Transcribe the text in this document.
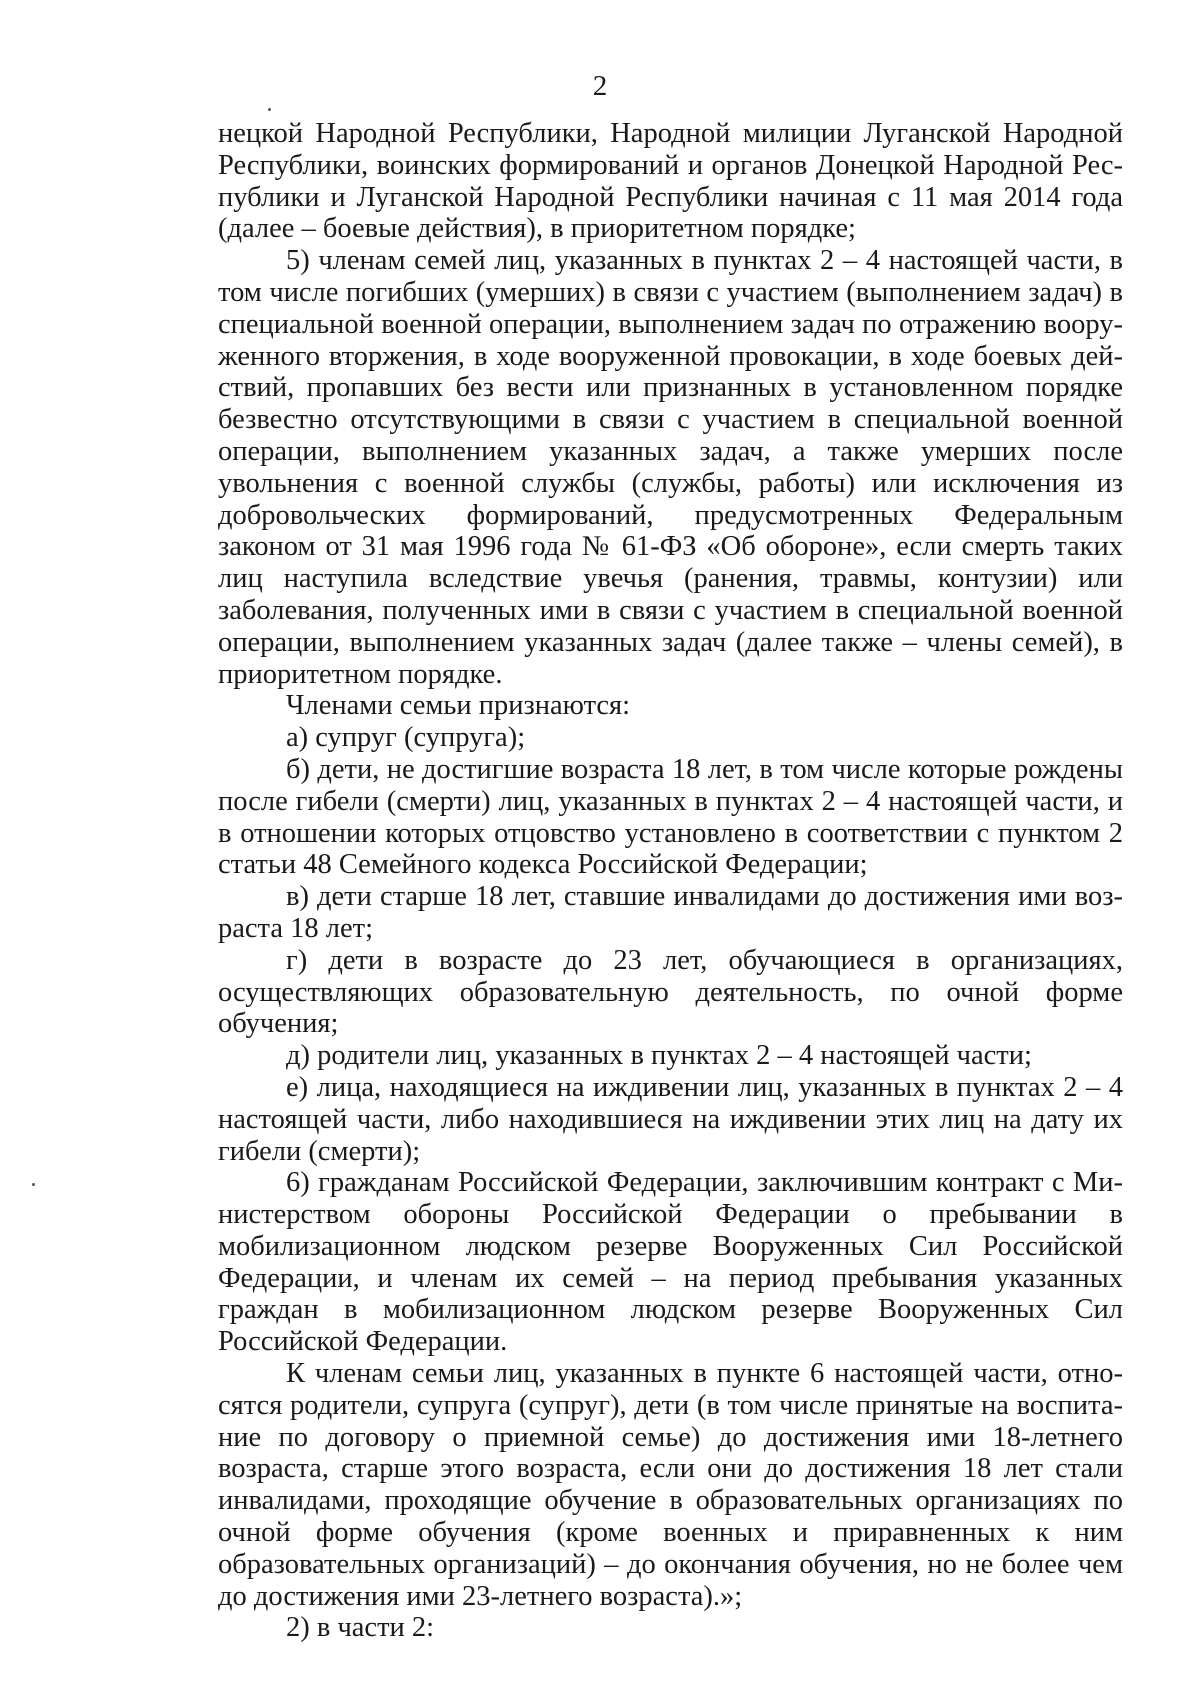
2

нецкой Народной Республики, Народной милиции Луганской Народной Республики, воинских формирований и органов Донецкой Народной Республики и Луганской Народной Республики начиная с 11 мая 2014 года (далее – боевые действия), в приоритетном порядке;

5) членам семей лиц, указанных в пунктах 2 – 4 настоящей части, в том числе погибших (умерших) в связи с участием (выполнением задач) в специальной военной операции, выполнением задач по отражению вооруженного вторжения, в ходе вооруженной провокации, в ходе боевых действий, пропавших без вести или признанных в установленном порядке безвестно отсутствующими в связи с участием в специальной военной операции, выполнением указанных задач, а также умерших после увольнения с военной службы (службы, работы) или исключения из добровольческих формирований, предусмотренных Федеральным законом от 31 мая 1996 года № 61-ФЗ «Об обороне», если смерть таких лиц наступила вследствие увечья (ранения, травмы, контузии) или заболевания, полученных ими в связи с участием в специальной военной операции, выполнением указанных задач (далее также – члены семей), в приоритетном порядке.

Членами семьи признаются:

а) супруг (супруга);

б) дети, не достигшие возраста 18 лет, в том числе которые рождены после гибели (смерти) лиц, указанных в пунктах 2 – 4 настоящей части, и в отношении которых отцовство установлено в соответствии с пунктом 2 статьи 48 Семейного кодекса Российской Федерации;

в) дети старше 18 лет, ставшие инвалидами до достижения ими возраста 18 лет;

г) дети в возрасте до 23 лет, обучающиеся в организациях, осуществляющих образовательную деятельность, по очной форме обучения;

д) родители лиц, указанных в пунктах 2 – 4 настоящей части;

е) лица, находящиеся на иждивении лиц, указанных в пунктах 2 – 4 настоящей части, либо находившиеся на иждивении этих лиц на дату их гибели (смерти);

6) гражданам Российской Федерации, заключившим контракт с Министерством обороны Российской Федерации о пребывании в мобилизационном людском резерве Вооруженных Сил Российской Федерации, и членам их семей – на период пребывания указанных граждан в мобилизационном людском резерве Вооруженных Сил Российской Федерации.

К членам семьи лиц, указанных в пункте 6 настоящей части, относятся родители, супруга (супруг), дети (в том числе принятые на воспитание по договору о приемной семье) до достижения ими 18-летнего возраста, старше этого возраста, если они до достижения 18 лет стали инвалидами, проходящие обучение в образовательных организациях по очной форме обучения (кроме военных и приравненных к ним образовательных организаций) – до окончания обучения, но не более чем до достижения ими 23-летнего возраста).»;

2) в части 2:
